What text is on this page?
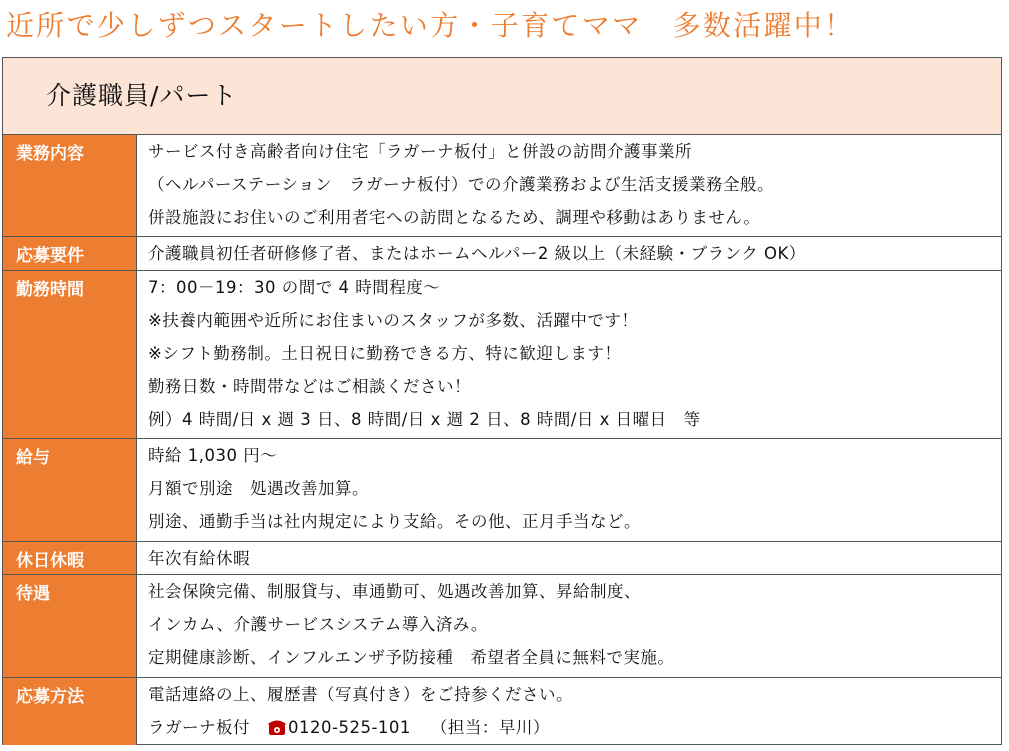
近所で少しずつスタートしたい方・子育てママ　多数活躍中！
介護職員/パート
業務内容	サービス付き高齢者向け住宅「ラガーナ板付」と併設の訪問介護事業所
（ヘルパーステーション　ラガーナ板付）での介護業務および生活支援業務全般。
併設施設にお住いのご利用者宅への訪問となるため、調理や移動はありません。
応募要件	介護職員初任者研修修了者、またはホームヘルパー2 級以上（未経験・ブランク OK）
勤務時間	7：00－19：30 の間で 4 時間程度～
※扶養内範囲や近所にお住まいのスタッフが多数、活躍中です！
※シフト勤務制。土日祝日に勤務できる方、特に歓迎します！
勤務日数・時間帯などはご相談ください！
例）4 時間/日 x 週 3 日、8 時間/日 x 週 2 日、8 時間/日 x 日曜日　等
給与	時給 1,030 円～
月額で別途　処遇改善加算。
別途、通勤手当は社内規定により支給。その他、正月手当など。
休日休暇	年次有給休暇
待遇	社会保険完備、制服貸与、車通勤可、処遇改善加算、昇給制度、
インカム、介護サービスシステム導入済み。
定期健康診断、インフルエンザ予防接種　希望者全員に無料で実施。
応募方法	電話連絡の上、履歴書（写真付き）をご持参ください。
ラガーナ板付 0120-525-101 （担当：早川）
